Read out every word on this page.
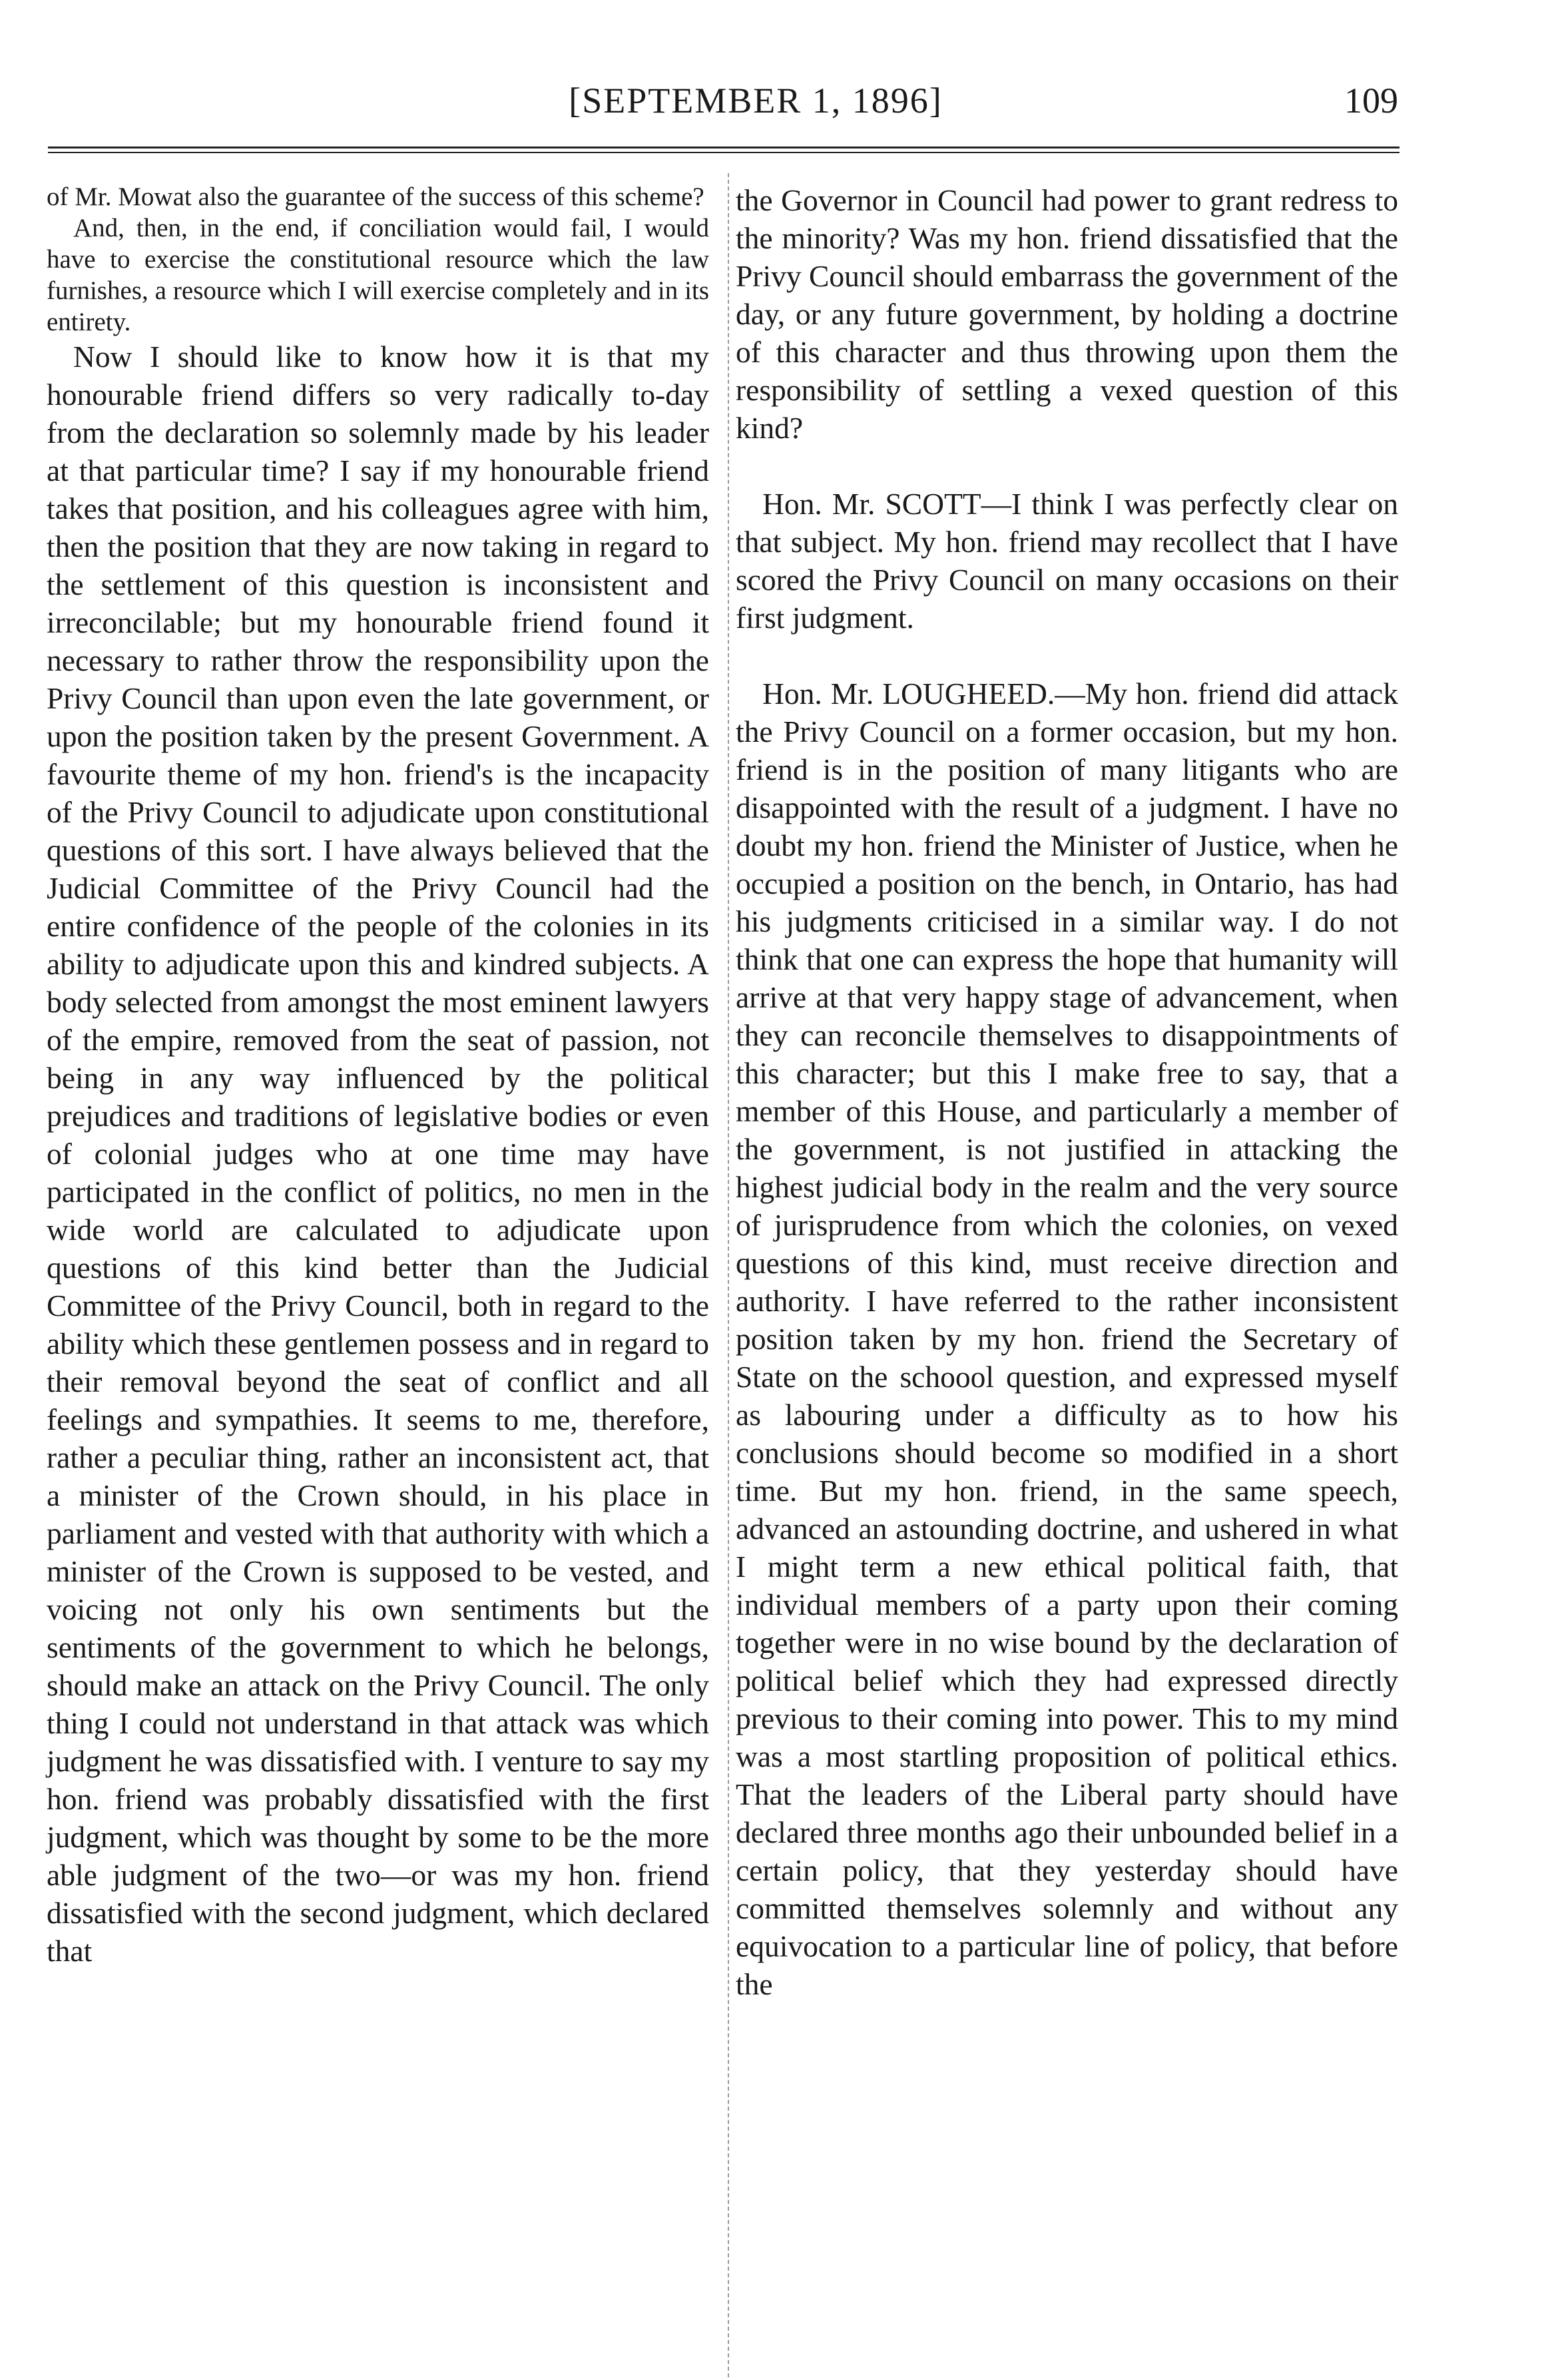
[SEPTEMBER 1, 1896]	109

of Mr. Mowat also the guarantee of the success of this scheme?

And, then, in the end, if conciliation would fail, I would have to exercise the constitutional resource which the law furnishes, a resource which I will exercise completely and in its entirety.

Now I should like to know how it is that my honourable friend differs so very radically to-day from the declaration so solemnly made by his leader at that particular time? I say if my honourable friend takes that position, and his colleagues agree with him, then the position that they are now taking in regard to the settlement of this question is inconsistent and irreconcilable; but my honourable friend found it necessary to rather throw the responsibility upon the Privy Council than upon even the late government, or upon the position taken by the present Government. A favourite theme of my hon. friend's is the incapacity of the Privy Council to adjudicate upon constitutional questions of this sort. I have always believed that the Judicial Committee of the Privy Council had the entire confidence of the people of the colonies in its ability to adjudicate upon this and kindred subjects. A body selected from amongst the most eminent lawyers of the empire, removed from the seat of passion, not being in any way influenced by the political prejudices and traditions of legislative bodies or even of colonial judges who at one time may have participated in the conflict of politics, no men in the wide world are calculated to adjudicate upon questions of this kind better than the Judicial Committee of the Privy Council, both in regard to the ability which these gentlemen possess and in regard to their removal beyond the seat of conflict and all feelings and sympathies. It seems to me, therefore, rather a peculiar thing, rather an inconsistent act, that a minister of the Crown should, in his place in parliament and vested with that authority with which a minister of the Crown is supposed to be vested, and voicing not only his own sentiments but the sentiments of the government to which he belongs, should make an attack on the Privy Council. The only thing I could not understand in that attack was which judgment he was dissatisfied with. I venture to say my hon. friend was probably dissatisfied with the first judgment, which was thought by some to be the more able judgment of the two—or was my hon. friend dissatisfied with the second judgment, which declared that

the Governor in Council had power to grant redress to the minority? Was my hon. friend dissatisfied that the Privy Council should embarrass the government of the day, or any future government, by holding a doctrine of this character and thus throwing upon them the responsibility of settling a vexed question of this kind?

Hon. Mr. SCOTT—I think I was perfectly clear on that subject. My hon. friend may recollect that I have scored the Privy Council on many occasions on their first judgment.

Hon. Mr. LOUGHEED.—My hon. friend did attack the Privy Council on a former occasion, but my hon. friend is in the position of many litigants who are disappointed with the result of a judgment. I have no doubt my hon. friend the Minister of Justice, when he occupied a position on the bench, in Ontario, has had his judgments criticised in a similar way. I do not think that one can express the hope that humanity will arrive at that very happy stage of advancement, when they can reconcile themselves to disappointments of this character; but this I make free to say, that a member of this House, and particularly a member of the government, is not justified in attacking the highest judicial body in the realm and the very source of jurisprudence from which the colonies, on vexed questions of this kind, must receive direction and authority. I have referred to the rather inconsistent position taken by my hon. friend the Secretary of State on the schoool question, and expressed myself as labouring under a difficulty as to how his conclusions should become so modified in a short time. But my hon. friend, in the same speech, advanced an astounding doctrine, and ushered in what I might term a new ethical political faith, that individual members of a party upon their coming together were in no wise bound by the declaration of political belief which they had expressed directly previous to their coming into power. This to my mind was a most startling proposition of political ethics. That the leaders of the Liberal party should have declared three months ago their unbounded belief in a certain policy, that they yesterday should have committed themselves solemnly and without any equivocation to a particular line of policy, that before the
